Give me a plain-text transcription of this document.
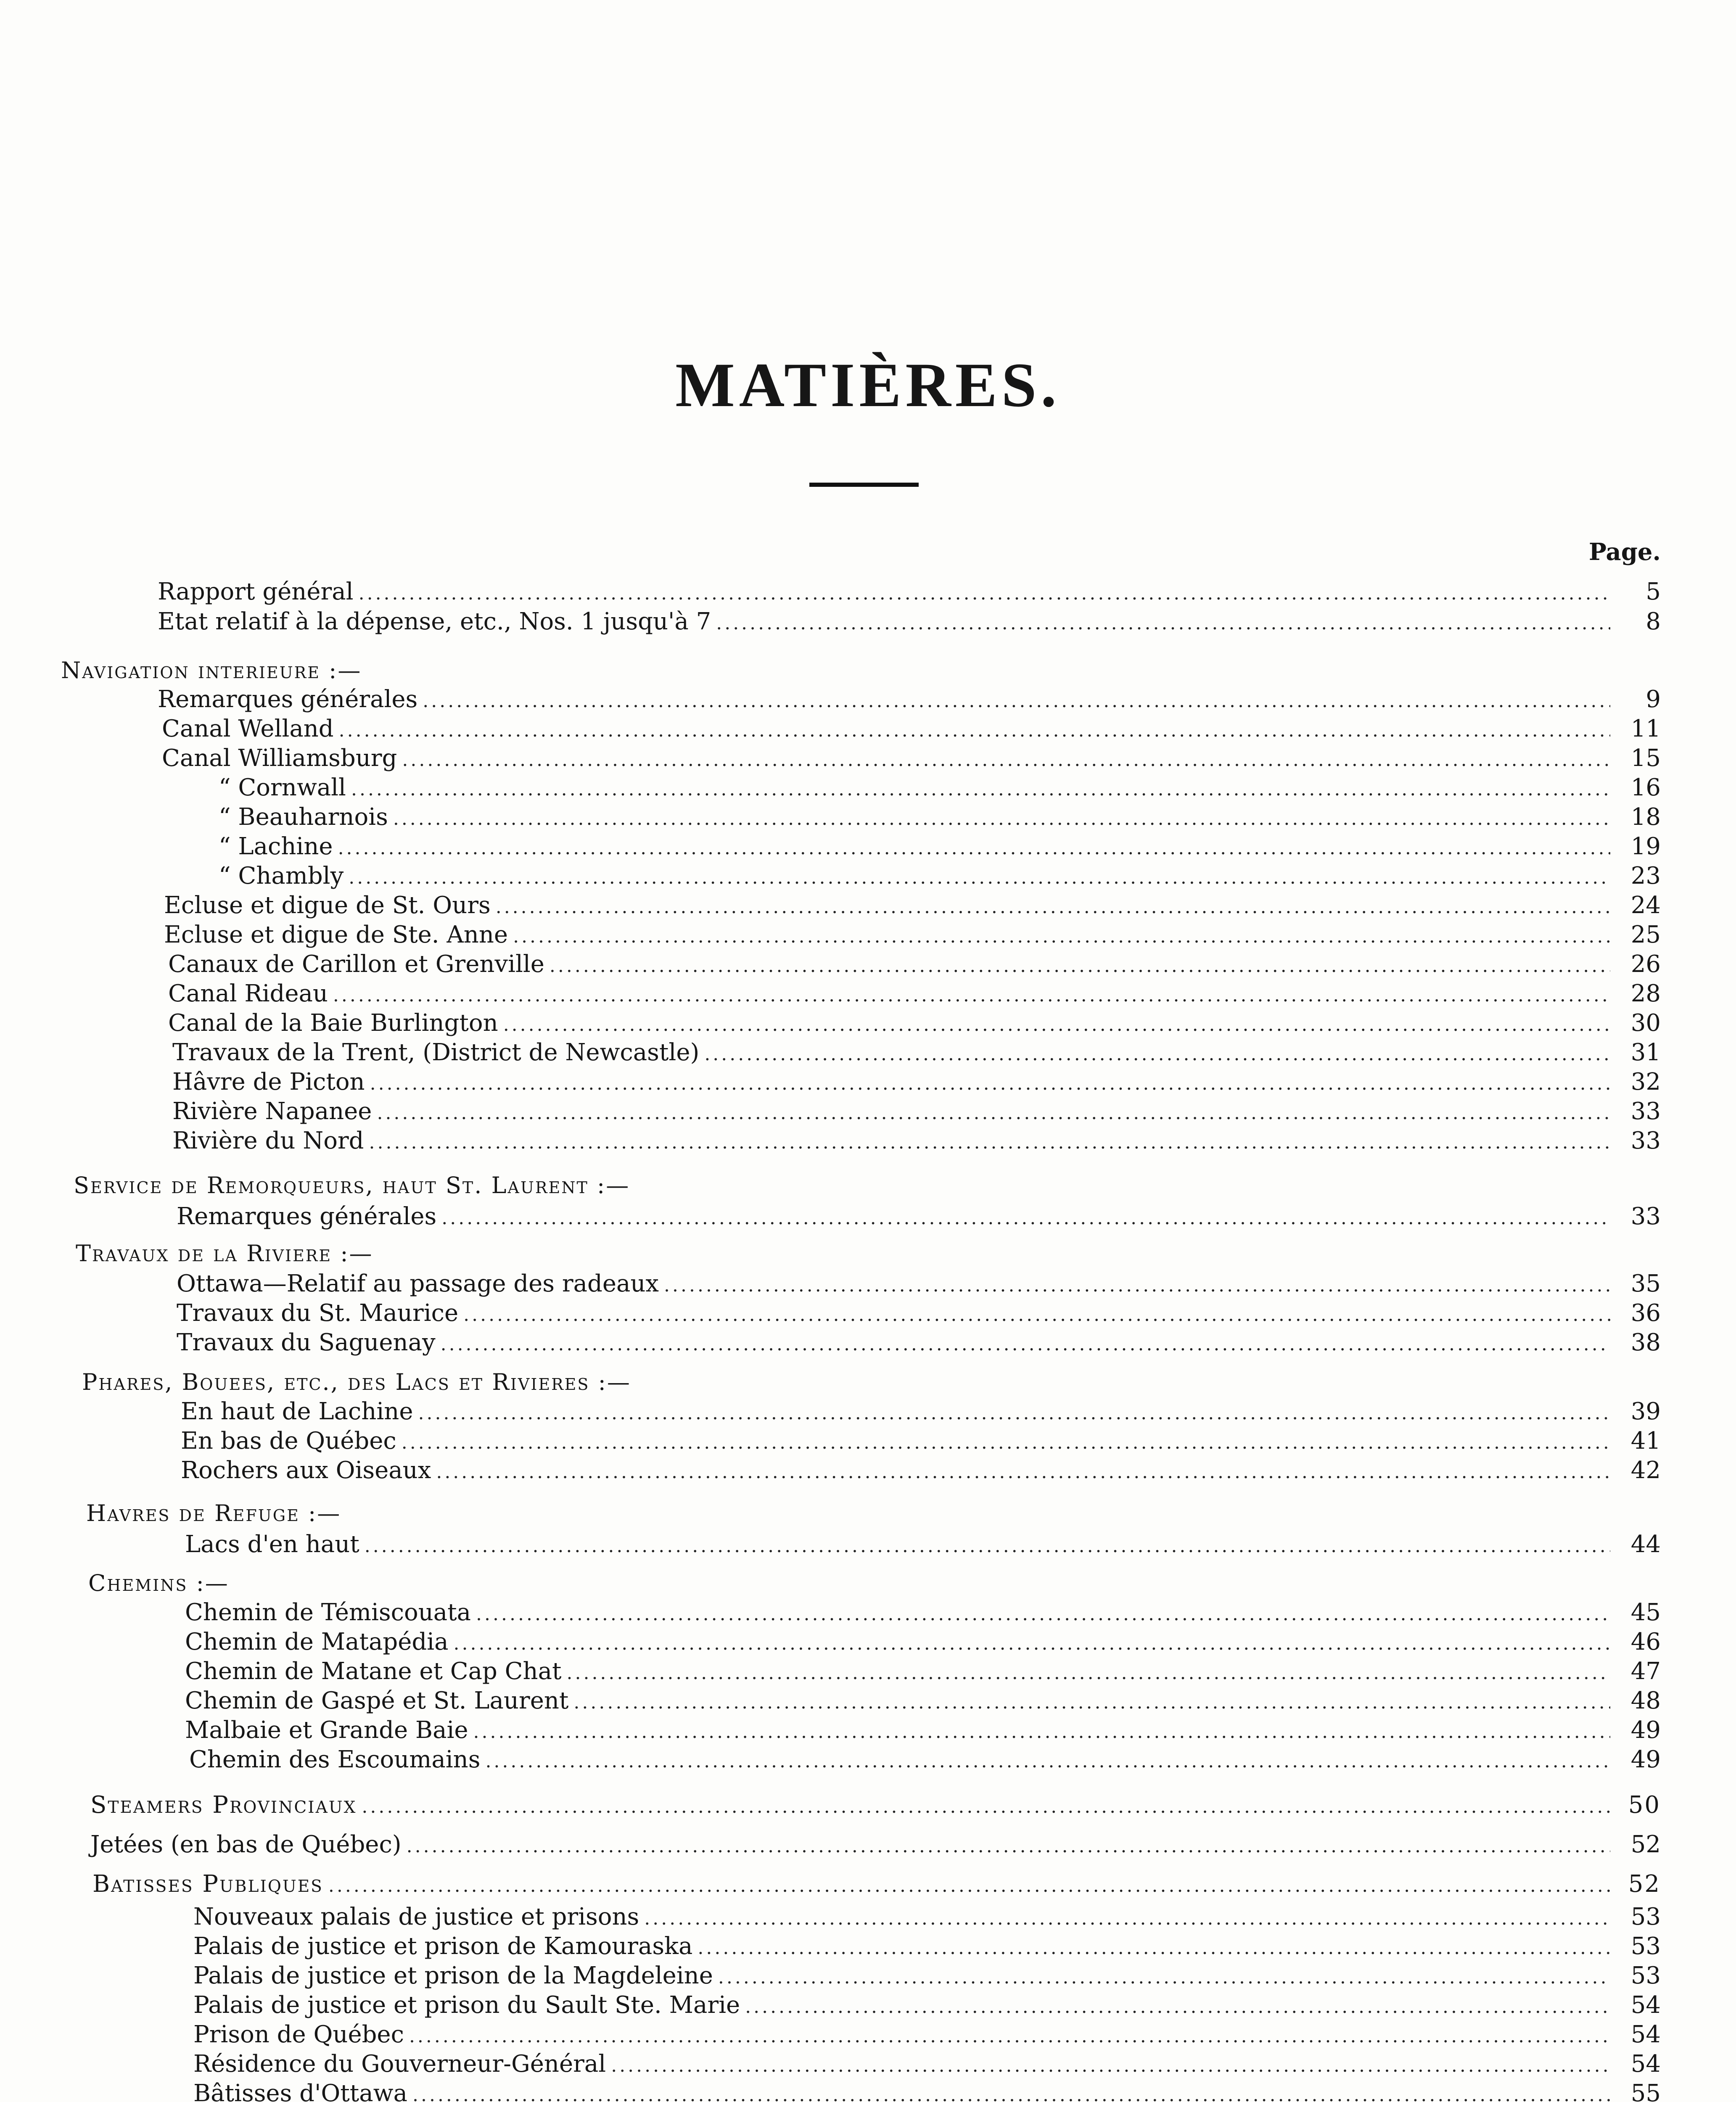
MATIÈRES.
Page.
Rapport général .....	5
Etat relatif à la dépense, etc., Nos. 1 jusqu'à 7 .....	8
Navigation interieure :—
Remarques générales .....	9
Canal Welland .....	11
Canal Williamsburg .....	15
“ Cornwall .....	16
“ Beauharnois .....	18
“ Lachine .....	19
“ Chambly .....	23
Ecluse et digue de St. Ours .....	24
Ecluse et digue de Ste. Anne .....	25
Canaux de Carillon et Grenville .....	26
Canal Rideau .....	28
Canal de la Baie Burlington .....	30
Travaux de la Trent, (District de Newcastle) .....	31
Hâvre de Picton .....	32
Rivière Napanee .....	33
Rivière du Nord .....	33
Service de Remorqueurs, haut St. Laurent :—
Remarques générales .....	33
Travaux de la Riviere :—
Ottawa—Relatif au passage des radeaux .....	35
Travaux du St. Maurice .....	36
Travaux du Saguenay .....	38
Phares, Bouees, etc., des Lacs et Rivieres :—
En haut de Lachine .....	39
En bas de Québec .....	41
Rochers aux Oiseaux .....	42
Havres de Refuge :—
Lacs d'en haut .....	44
Chemins :—
Chemin de Témiscouata .....	45
Chemin de Matapédia .....	46
Chemin de Matane et Cap Chat .....	47
Chemin de Gaspé et St. Laurent .....	48
Malbaie et Grande Baie .....	49
Chemin des Escoumains .....	49
Steamers Provinciaux .....	50
Jetées (en bas de Québec) .....	52
Batisses Publiques .....	52
Nouveaux palais de justice et prisons .....	53
Palais de justice et prison de Kamouraska .....	53
Palais de justice et prison de la Magdeleine .....	53
Palais de justice et prison du Sault Ste. Marie .....	54
Prison de Québec .....	54
Résidence du Gouverneur-Général .....	54
Bâtisses d'Ottawa .....	55
